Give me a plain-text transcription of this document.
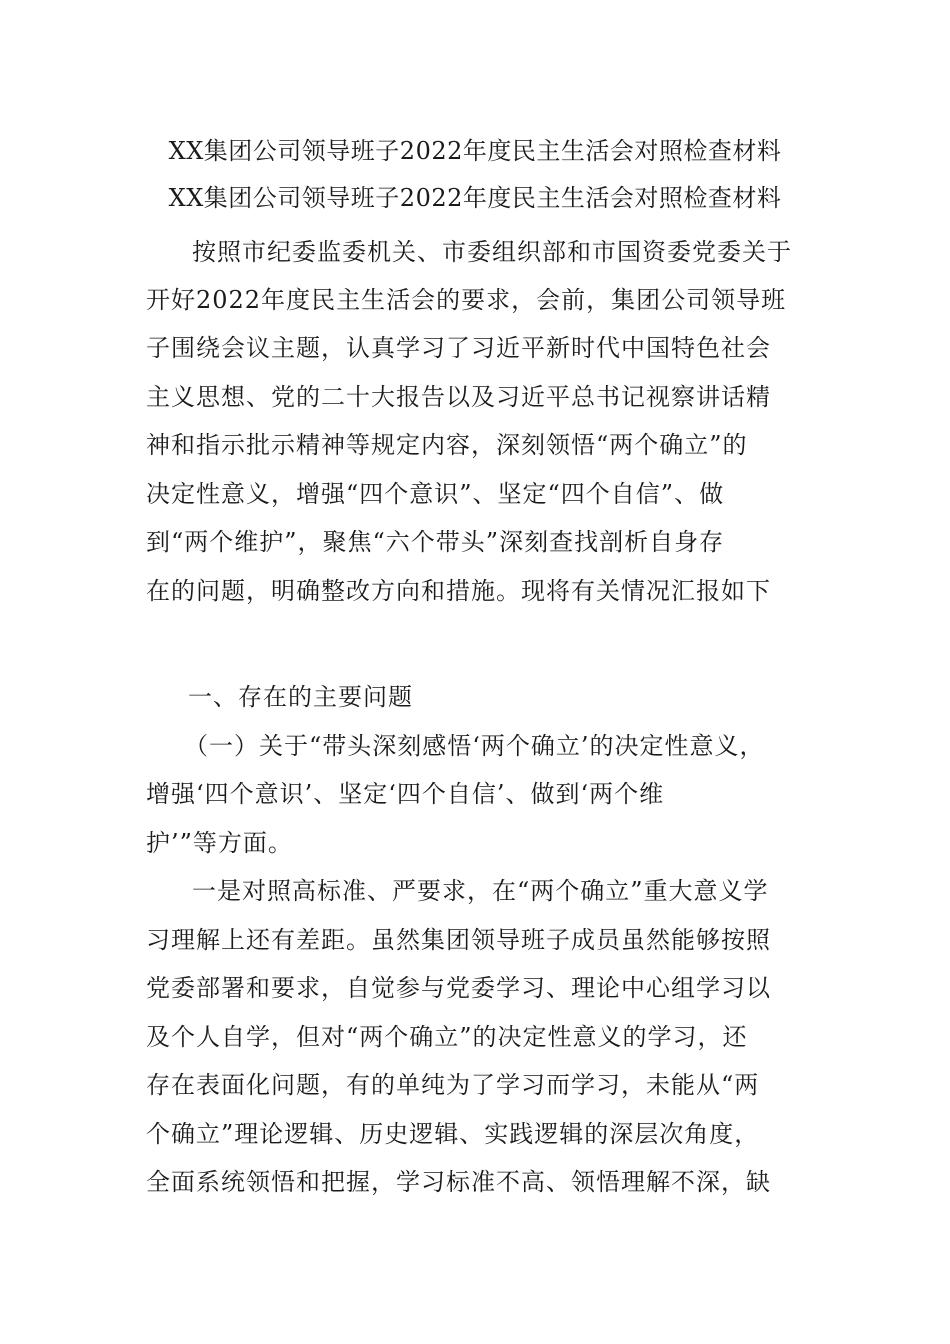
XX集团公司领导班子2022年度民主生活会对照检查材料
XX集团公司领导班子2022年度民主生活会对照检查材料
按照市纪委监委机关、市委组织部和市国资委党委关于
开好2022年度民主生活会的要求，会前，集团公司领导班
子围绕会议主题，认真学习了习近平新时代中国特色社会
主义思想、党的二十大报告以及习近平总书记视察讲话精
神和指示批示精神等规定内容，深刻领悟“两个确立”的
决定性意义，增强“四个意识”、坚定“四个自信”、做
到“两个维护”，聚焦“六个带头”深刻查找剖析自身存
在的问题，明确整改方向和措施。现将有关情况汇报如下
一、存在的主要问题
（一）关于“带头深刻感悟‘两个确立’的决定性意义，
增强‘四个意识’、坚定‘四个自信’、做到‘两个维
护’”等方面。
一是对照高标准、严要求，在“两个确立”重大意义学
习理解上还有差距。虽然集团领导班子成员虽然能够按照
党委部署和要求，自觉参与党委学习、理论中心组学习以
及个人自学，但对“两个确立”的决定性意义的学习，还
存在表面化问题，有的单纯为了学习而学习，未能从“两
个确立”理论逻辑、历史逻辑、实践逻辑的深层次角度，
全面系统领悟和把握，学习标准不高、领悟理解不深，缺
